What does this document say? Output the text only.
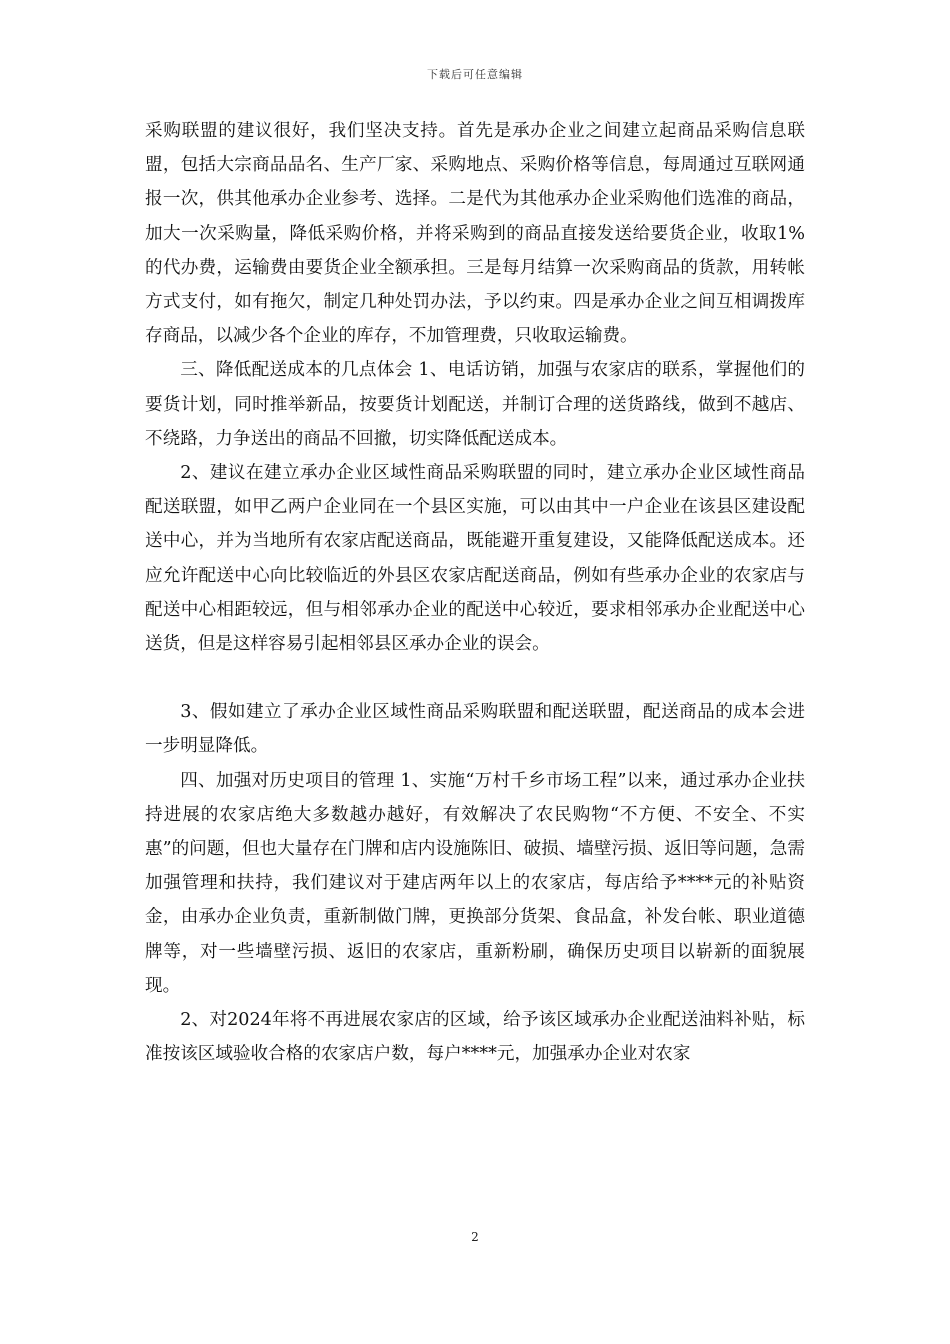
下载后可任意编辑

采购联盟的建议很好，我们坚决支持。首先是承办企业之间建立起商品采购信息联盟，包括大宗商品品名、生产厂家、采购地点、采购价格等信息，每周通过互联网通报一次，供其他承办企业参考、选择。二是代为其他承办企业采购他们选准的商品，加大一次采购量，降低采购价格，并将采购到的商品直接发送给要货企业，收取1%的代办费，运输费由要货企业全额承担。三是每月结算一次采购商品的货款，用转帐方式支付，如有拖欠，制定几种处罚办法，予以约束。四是承办企业之间互相调拨库存商品，以减少各个企业的库存，不加管理费，只收取运输费。

三、降低配送成本的几点体会 1、电话访销，加强与农家店的联系，掌握他们的要货计划，同时推举新品，按要货计划配送，并制订合理的送货路线，做到不越店、不绕路，力争送出的商品不回撤，切实降低配送成本。

2、建议在建立承办企业区域性商品采购联盟的同时，建立承办企业区域性商品配送联盟，如甲乙两户企业同在一个县区实施，可以由其中一户企业在该县区建设配送中心，并为当地所有农家店配送商品，既能避开重复建设，又能降低配送成本。还应允许配送中心向比较临近的外县区农家店配送商品，例如有些承办企业的农家店与配送中心相距较远，但与相邻承办企业的配送中心较近，要求相邻承办企业配送中心送货，但是这样容易引起相邻县区承办企业的误会。

3、假如建立了承办企业区域性商品采购联盟和配送联盟，配送商品的成本会进一步明显降低。

四、加强对历史项目的管理 1、实施“万村千乡市场工程”以来，通过承办企业扶持进展的农家店绝大多数越办越好，有效解决了农民购物“不方便、不安全、不实惠”的问题，但也大量存在门牌和店内设施陈旧、破损、墙壁污损、返旧等问题，急需加强管理和扶持，我们建议对于建店两年以上的农家店，每店给予****元的补贴资金，由承办企业负责，重新制做门牌，更换部分货架、食品盒，补发台帐、职业道德牌等，对一些墙壁污损、返旧的农家店，重新粉刷，确保历史项目以崭新的面貌展现。

2、对2024年将不再进展农家店的区域，给予该区域承办企业配送油料补贴，标准按该区域验收合格的农家店户数，每户****元，加强承办企业对农家

2
